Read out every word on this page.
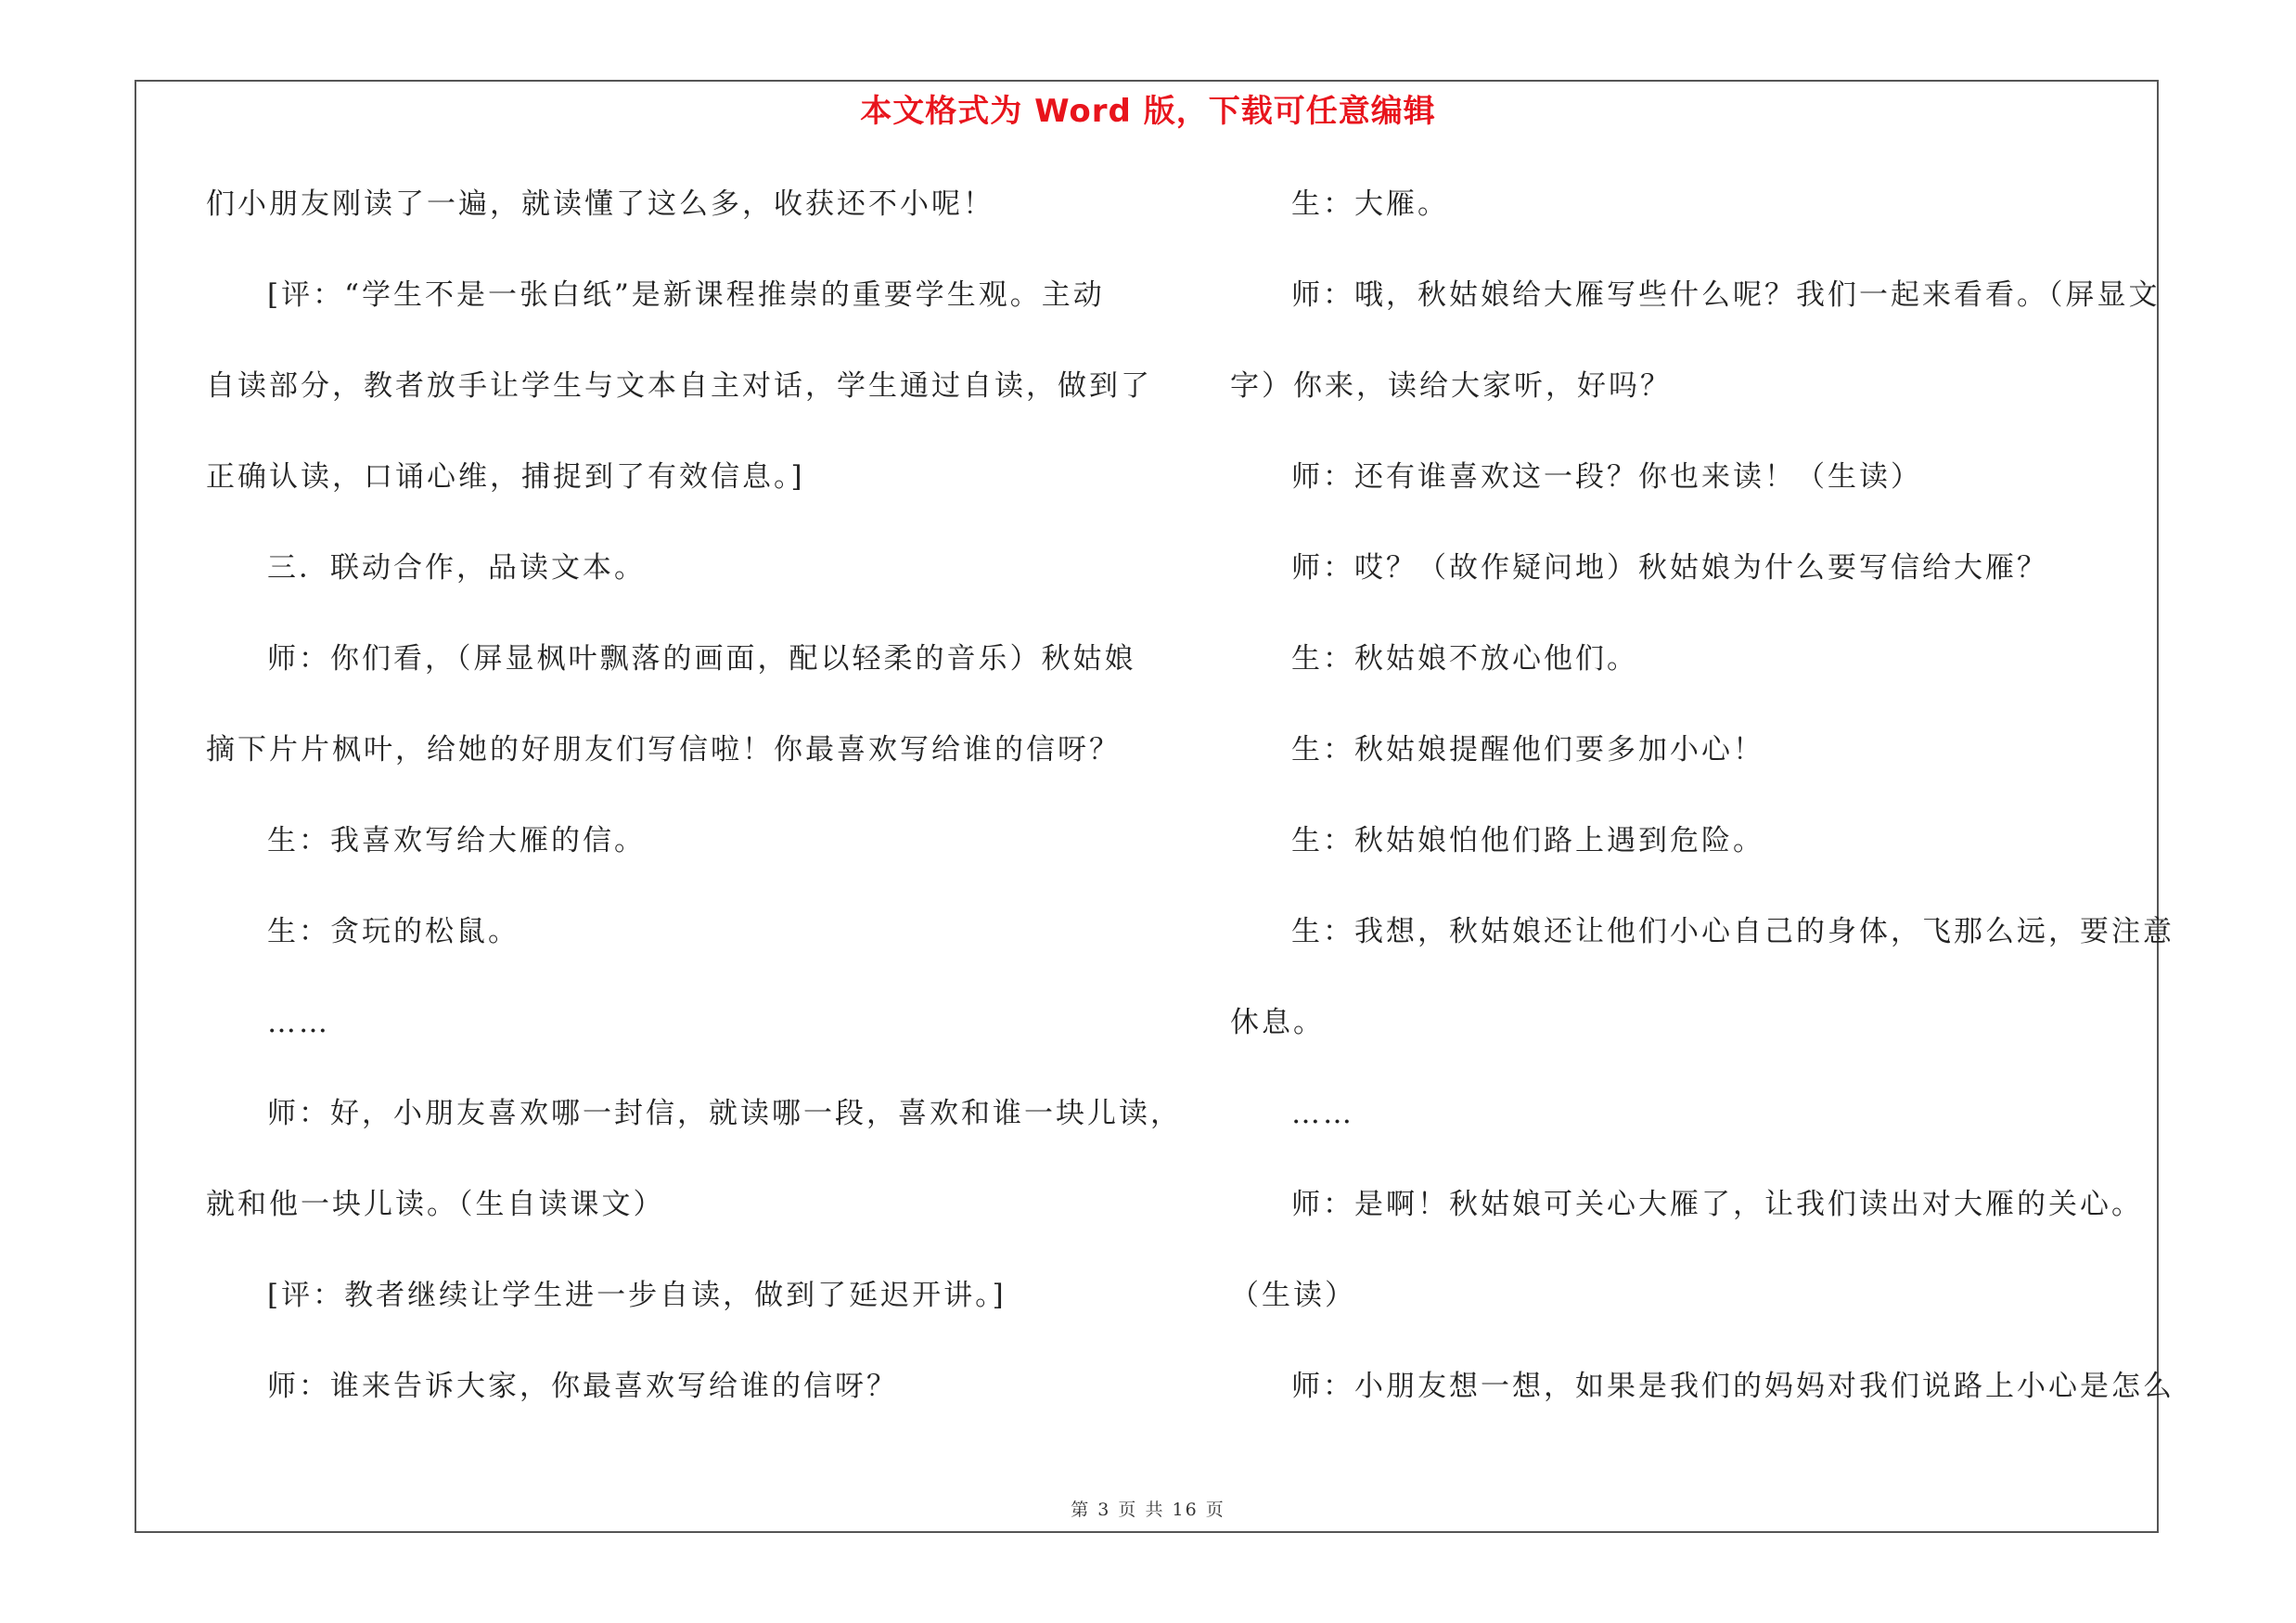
本文格式为 Word 版，下载可任意编辑
们小朋友刚读了一遍，就读懂了这么多，收获还不小呢！
[评：“学生不是一张白纸”是新课程推崇的重要学生观。主动
自读部分，教者放手让学生与文本自主对话，学生通过自读，做到了
正确认读，口诵心维，捕捉到了有效信息。]
三．联动合作，品读文本。
师：你们看，（屏显枫叶飘落的画面，配以轻柔的音乐）秋姑娘
摘下片片枫叶，给她的好朋友们写信啦！你最喜欢写给谁的信呀？
生：我喜欢写给大雁的信。
生：贪玩的松鼠。
……
师：好，小朋友喜欢哪一封信，就读哪一段，喜欢和谁一块儿读，
就和他一块儿读。（生自读课文）
[评：教者继续让学生进一步自读，做到了延迟开讲。]
师：谁来告诉大家，你最喜欢写给谁的信呀？
生：大雁。
师：哦，秋姑娘给大雁写些什么呢？我们一起来看看。（屏显文
字）你来，读给大家听，好吗？
师：还有谁喜欢这一段？你也来读！（生读）
师：哎？（故作疑问地）秋姑娘为什么要写信给大雁？
生：秋姑娘不放心他们。
生：秋姑娘提醒他们要多加小心！
生：秋姑娘怕他们路上遇到危险。
生：我想，秋姑娘还让他们小心自己的身体，飞那么远，要注意
休息。
……
师：是啊！秋姑娘可关心大雁了，让我们读出对大雁的关心。
（生读）
师：小朋友想一想，如果是我们的妈妈对我们说路上小心是怎么
第 3 页 共 16 页
